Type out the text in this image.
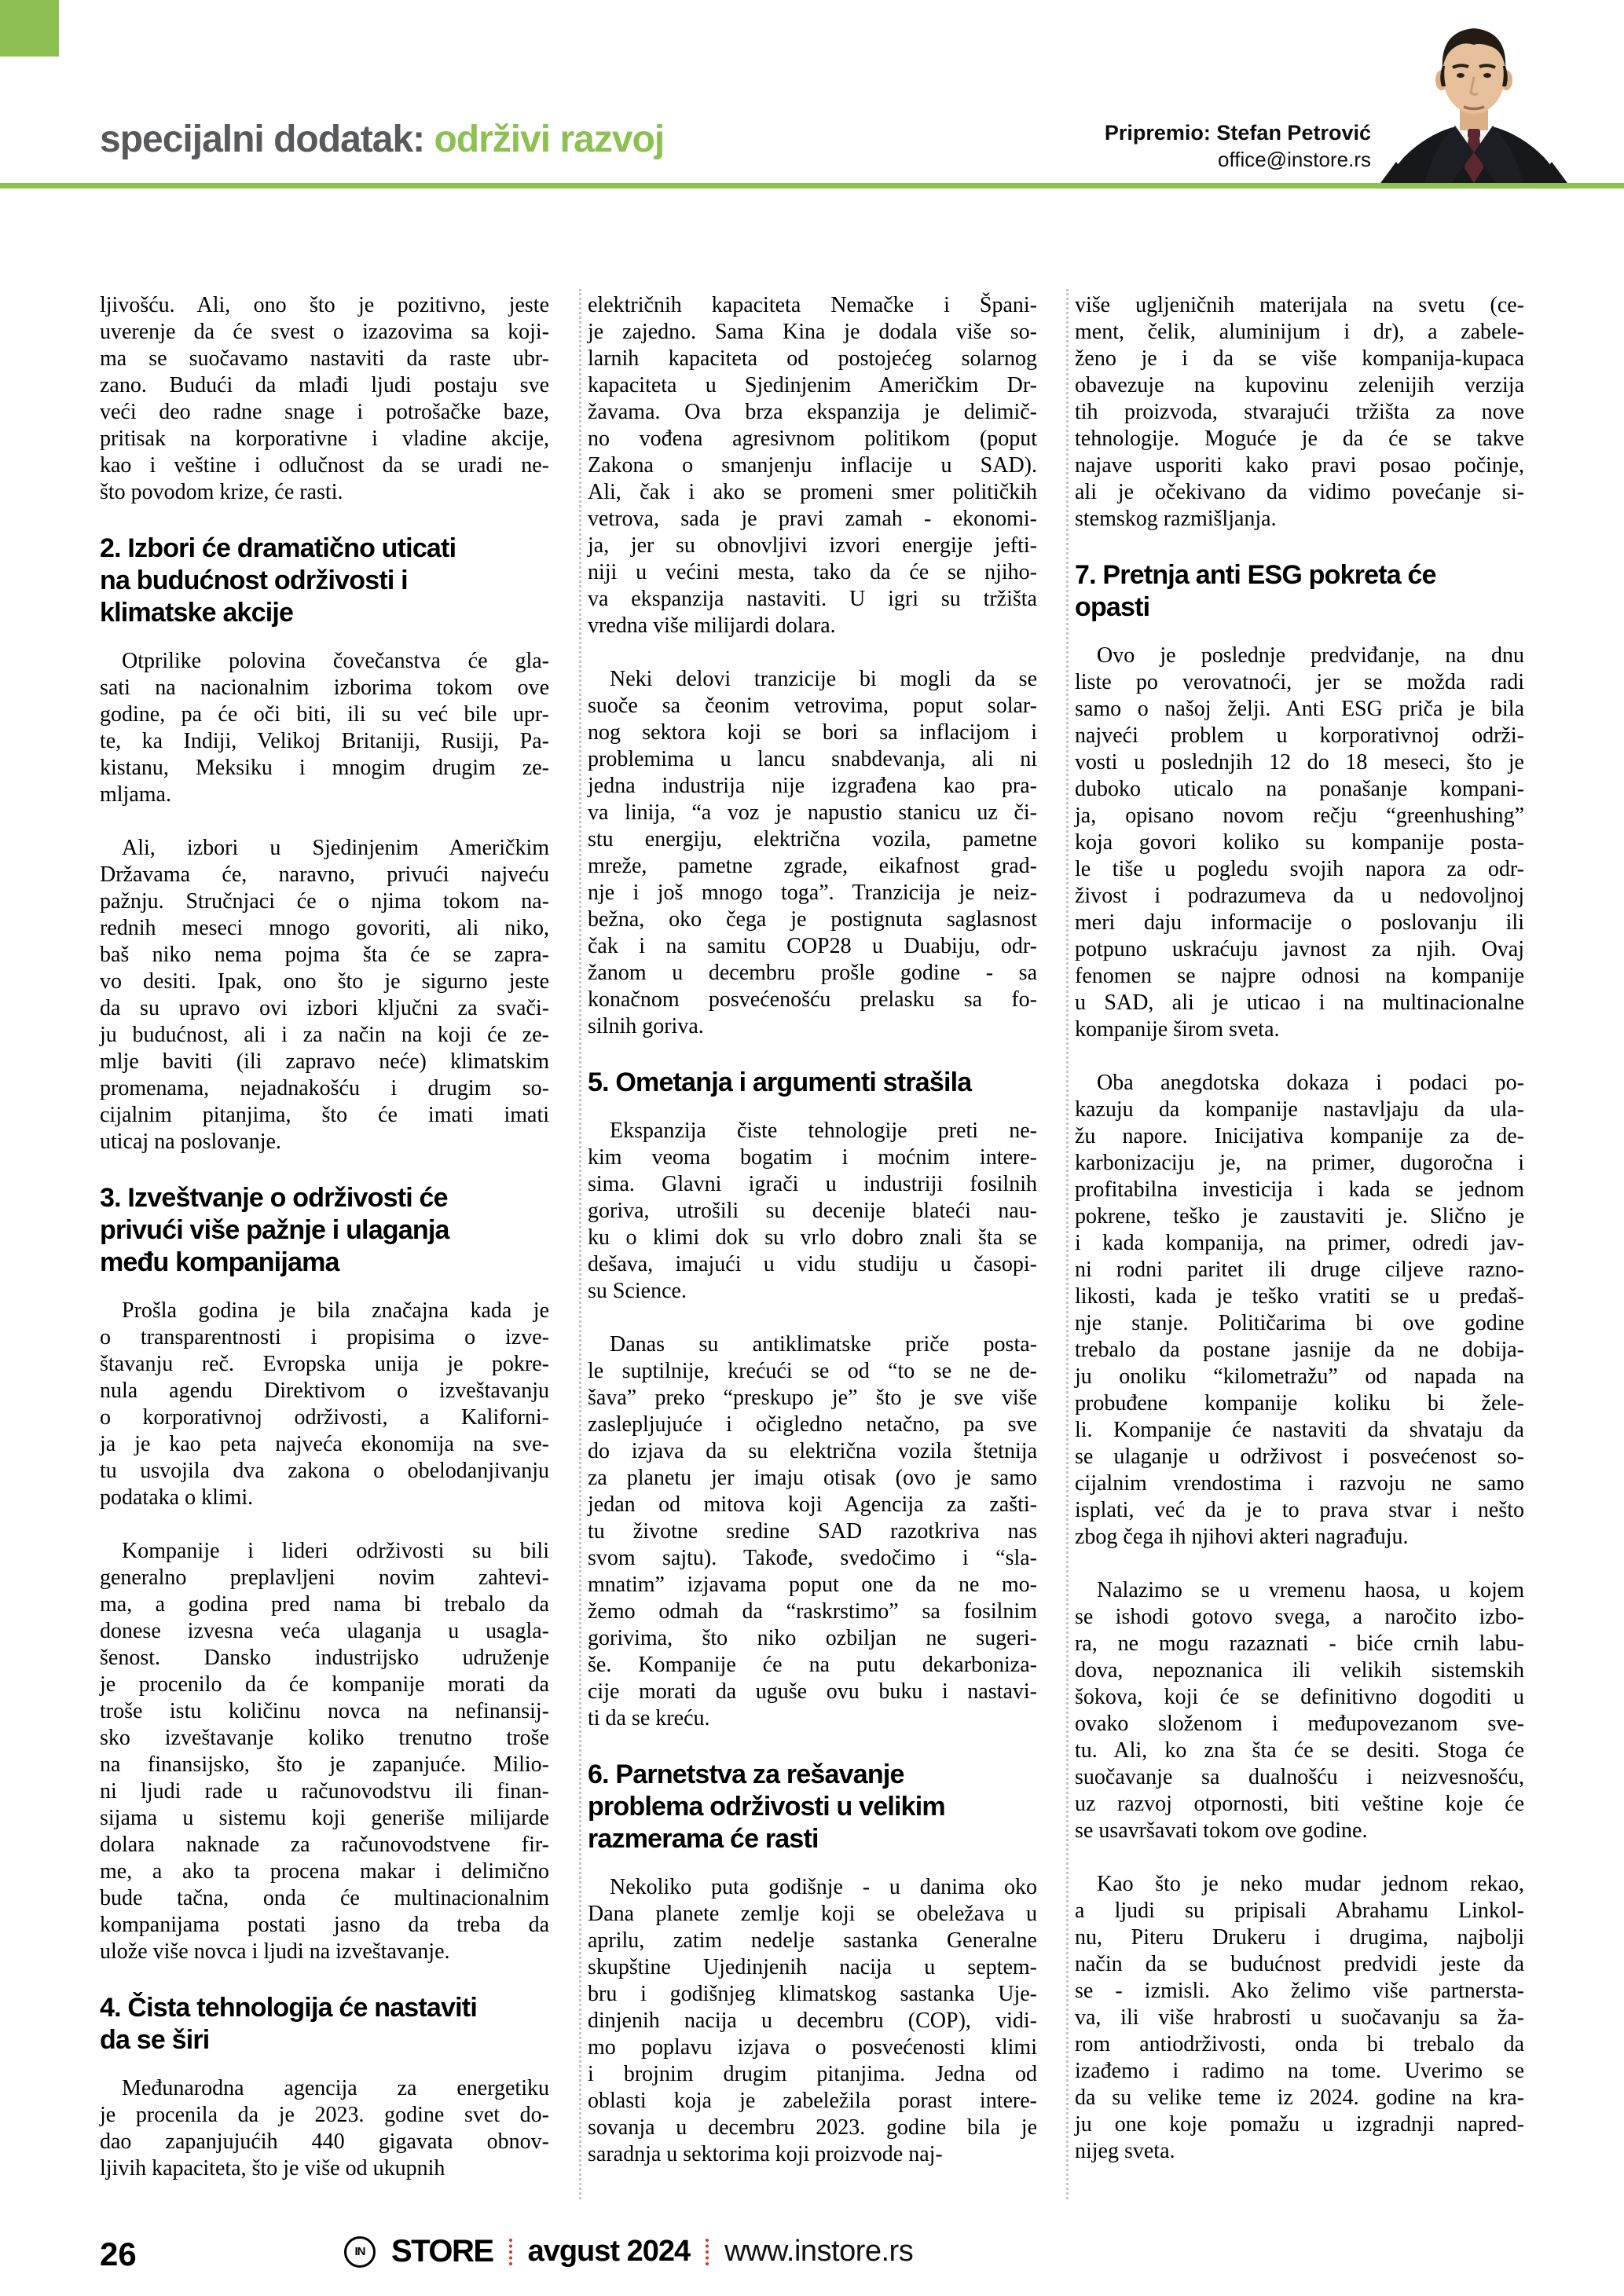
specijalni dodatak: održivi razvoj	Pripremio: Stefan Petrović
office@instore.rs
ljivošću. Ali, ono što je pozitivno, jeste
uverenje da će svest o izazovima sa koji-
ma se suočavamo nastaviti da raste ubr-
zano. Budući da mlađi ljudi postaju sve
veći deo radne snage i potrošačke baze,
pritisak na korporativne i vladine akcije,
kao i veštine i odlučnost da se uradi ne-
što povodom krize, će rasti.
2. Izbori će dramatično uticati
na budućnost održivosti i
klimatske akcije
Otprilike polovina čovečanstva će gla-
sati na nacionalnim izborima tokom ove
godine, pa će oči biti, ili su već bile upr-
te, ka Indiji, Velikoj Britaniji, Rusiji, Pa-
kistanu, Meksiku i mnogim drugim ze-
mljama.
Ali, izbori u Sjedinjenim Američkim
Državama će, naravno, privući najveću
pažnju. Stručnjaci će o njima tokom na-
rednih meseci mnogo govoriti, ali niko,
baš niko nema pojma šta će se zapra-
vo desiti. Ipak, ono što je sigurno jeste
da su upravo ovi izbori ključni za svači-
ju budućnost, ali i za način na koji će ze-
mlje baviti (ili zapravo neće) klimatskim
promenama, nejadnakošću i drugim so-
cijalnim pitanjima, što će imati imati
uticaj na poslovanje.
3. Izveštvanje o održivosti će
privući više pažnje i ulaganja
među kompanijama
Prošla godina je bila značajna kada je
o transparentnosti i propisima o izve-
štavanju reč. Evropska unija je pokre-
nula agendu Direktivom o izveštavanju
o korporativnoj održivosti, a Kaliforni-
ja je kao peta najveća ekonomija na sve-
tu usvojila dva zakona o obelodanjivanju
podataka o klimi.
Kompanije i lideri održivosti su bili
generalno preplavljeni novim zahtevi-
ma, a godina pred nama bi trebalo da
donese izvesna veća ulaganja u usagla-
šenost. Dansko industrijsko udruženje
je procenilo da će kompanije morati da
troše istu količinu novca na nefinansij-
sko izveštavanje koliko trenutno troše
na finansijsko, što je zapanjuće. Milio-
ni ljudi rade u računovodstvu ili finan-
sijama u sistemu koji generiše milijarde
dolara naknade za računovodstvene fir-
me, a ako ta procena makar i delimično
bude tačna, onda će multinacionalnim
kompanijama postati jasno da treba da
ulože više novca i ljudi na izveštavanje.
4. Čista tehnologija će nastaviti
da se širi
Međunarodna agencija za energetiku
je procenila da je 2023. godine svet do-
dao zapanjujućih 440 gigavata obnov-
ljivih kapaciteta, što je više od ukupnih
električnih kapaciteta Nemačke i Špani-
je zajedno. Sama Kina je dodala više so-
larnih kapaciteta od postojećeg solarnog
kapaciteta u Sjedinjenim Američkim Dr-
žavama. Ova brza ekspanzija je delimič-
no vođena agresivnom politikom (poput
Zakona o smanjenju inflacije u SAD).
Ali, čak i ako se promeni smer političkih
vetrova, sada je pravi zamah - ekonomi-
ja, jer su obnovljivi izvori energije jefti-
niji u većini mesta, tako da će se njiho-
va ekspanzija nastaviti. U igri su tržišta
vredna više milijardi dolara.
Neki delovi tranzicije bi mogli da se
suoče sa čeonim vetrovima, poput solar-
nog sektora koji se bori sa inflacijom i
problemima u lancu snabdevanja, ali ni
jedna industrija nije izgrađena kao pra-
va linija, “a voz je napustio stanicu uz či-
stu energiju, električna vozila, pametne
mreže, pametne zgrade, eikafnost grad-
nje i još mnogo toga”. Tranzicija je neiz-
bežna, oko čega je postignuta saglasnost
čak i na samitu COP28 u Duabiju, odr-
žanom u decembru prošle godine - sa
konačnom posvećenošću prelasku sa fo-
silnih goriva.
5. Ometanja i argumenti strašila
Ekspanzija čiste tehnologije preti ne-
kim veoma bogatim i moćnim intere-
sima. Glavni igrači u industriji fosilnih
goriva, utrošili su decenije blateći nau-
ku o klimi dok su vrlo dobro znali šta se
dešava, imajući u vidu studiju u časopi-
su Science.
Danas su antiklimatske priče posta-
le suptilnije, krećući se od “to se ne de-
šava” preko “preskupo je” što je sve više
zaslepljujuće i očigledno netačno, pa sve
do izjava da su električna vozila štetnija
za planetu jer imaju otisak (ovo je samo
jedan od mitova koji Agencija za zašti-
tu životne sredine SAD razotkriva nas
svom sajtu). Takođe, svedočimo i “sla-
mnatim” izjavama poput one da ne mo-
žemo odmah da “raskrstimo” sa fosilnim
gorivima, što niko ozbiljan ne sugeri-
še. Kompanije će na putu dekarboniza-
cije morati da uguše ovu buku i nastavi-
ti da se kreću.
6. Parnetstva za rešavanje
problema održivosti u velikim
razmerama će rasti
Nekoliko puta godišnje - u danima oko
Dana planete zemlje koji se obeležava u
aprilu, zatim nedelje sastanka Generalne
skupštine Ujedinjenih nacija u septem-
bru i godišnjeg klimatskog sastanka Uje-
dinjenih nacija u decembru (COP), vidi-
mo poplavu izjava o posvećenosti klimi
i brojnim drugim pitanjima. Jedna od
oblasti koja je zabeležila porast intere-
sovanja u decembru 2023. godine bila je
saradnja u sektorima koji proizvode naj-
više ugljeničnih materijala na svetu (ce-
ment, čelik, aluminijum i dr), a zabele-
ženo je i da se više kompanija-kupaca
obavezuje na kupovinu zelenijih verzija
tih proizvoda, stvarajući tržišta za nove
tehnologije. Moguće je da će se takve
najave usporiti kako pravi posao počinje,
ali je očekivano da vidimo povećanje si-
stemskog razmišljanja.
7. Pretnja anti ESG pokreta će
opasti
Ovo je poslednje predviđanje, na dnu
liste po verovatnoći, jer se možda radi
samo o našoj želji. Anti ESG priča je bila
najveći problem u korporativnoj održi-
vosti u poslednjih 12 do 18 meseci, što je
duboko uticalo na ponašanje kompani-
ja, opisano novom rečju “greenhushing”
koja govori koliko su kompanije posta-
le tiše u pogledu svojih napora za odr-
živost i podrazumeva da u nedovoljnoj
meri daju informacije o poslovanju ili
potpuno uskraćuju javnost za njih. Ovaj
fenomen se najpre odnosi na kompanije
u SAD, ali je uticao i na multinacionalne
kompanije širom sveta.
Oba anegdotska dokaza i podaci po-
kazuju da kompanije nastavljaju da ula-
žu napore. Inicijativa kompanije za de-
karbonizaciju je, na primer, dugoročna i
profitabilna investicija i kada se jednom
pokrene, teško je zaustaviti je. Slično je
i kada kompanija, na primer, odredi jav-
ni rodni paritet ili druge ciljeve razno-
likosti, kada je teško vratiti se u pređaš-
nje stanje. Političarima bi ove godine
trebalo da postane jasnije da ne dobija-
ju onoliku “kilometražu” od napada na
probuđene kompanije koliku bi žele-
li. Kompanije će nastaviti da shvataju da
se ulaganje u održivost i posvećenost so-
cijalnim vrendostima i razvoju ne samo
isplati, već da je to prava stvar i nešto
zbog čega ih njihovi akteri nagrađuju.
Nalazimo se u vremenu haosa, u kojem
se ishodi gotovo svega, a naročito izbo-
ra, ne mogu razaznati - biće crnih labu-
dova, nepoznanica ili velikih sistemskih
šokova, koji će se definitivno dogoditi u
ovako složenom i međupovezanom sve-
tu. Ali, ko zna šta će se desiti. Stoga će
suočavanje sa dualnošću i neizvesnošću,
uz razvoj otpornosti, biti veštine koje će
se usavršavati tokom ove godine.
Kao što je neko mudar jednom rekao,
a ljudi su pripisali Abrahamu Linkol-
nu, Piteru Drukeru i drugima, najbolji
način da se budućnost predvidi jeste da
se - izmisli. Ako želimo više partnersta-
va, ili više hrabrosti u suočavanju sa ža-
rom antiodrživosti, onda bi trebalo da
izađemo i radimo na tome. Uverimo se
da su velike teme iz 2024. godine na kra-
ju one koje pomažu u izgradnji napred-
nijeg sveta.
26	IN STORE avgust 2024 www.instore.rs
